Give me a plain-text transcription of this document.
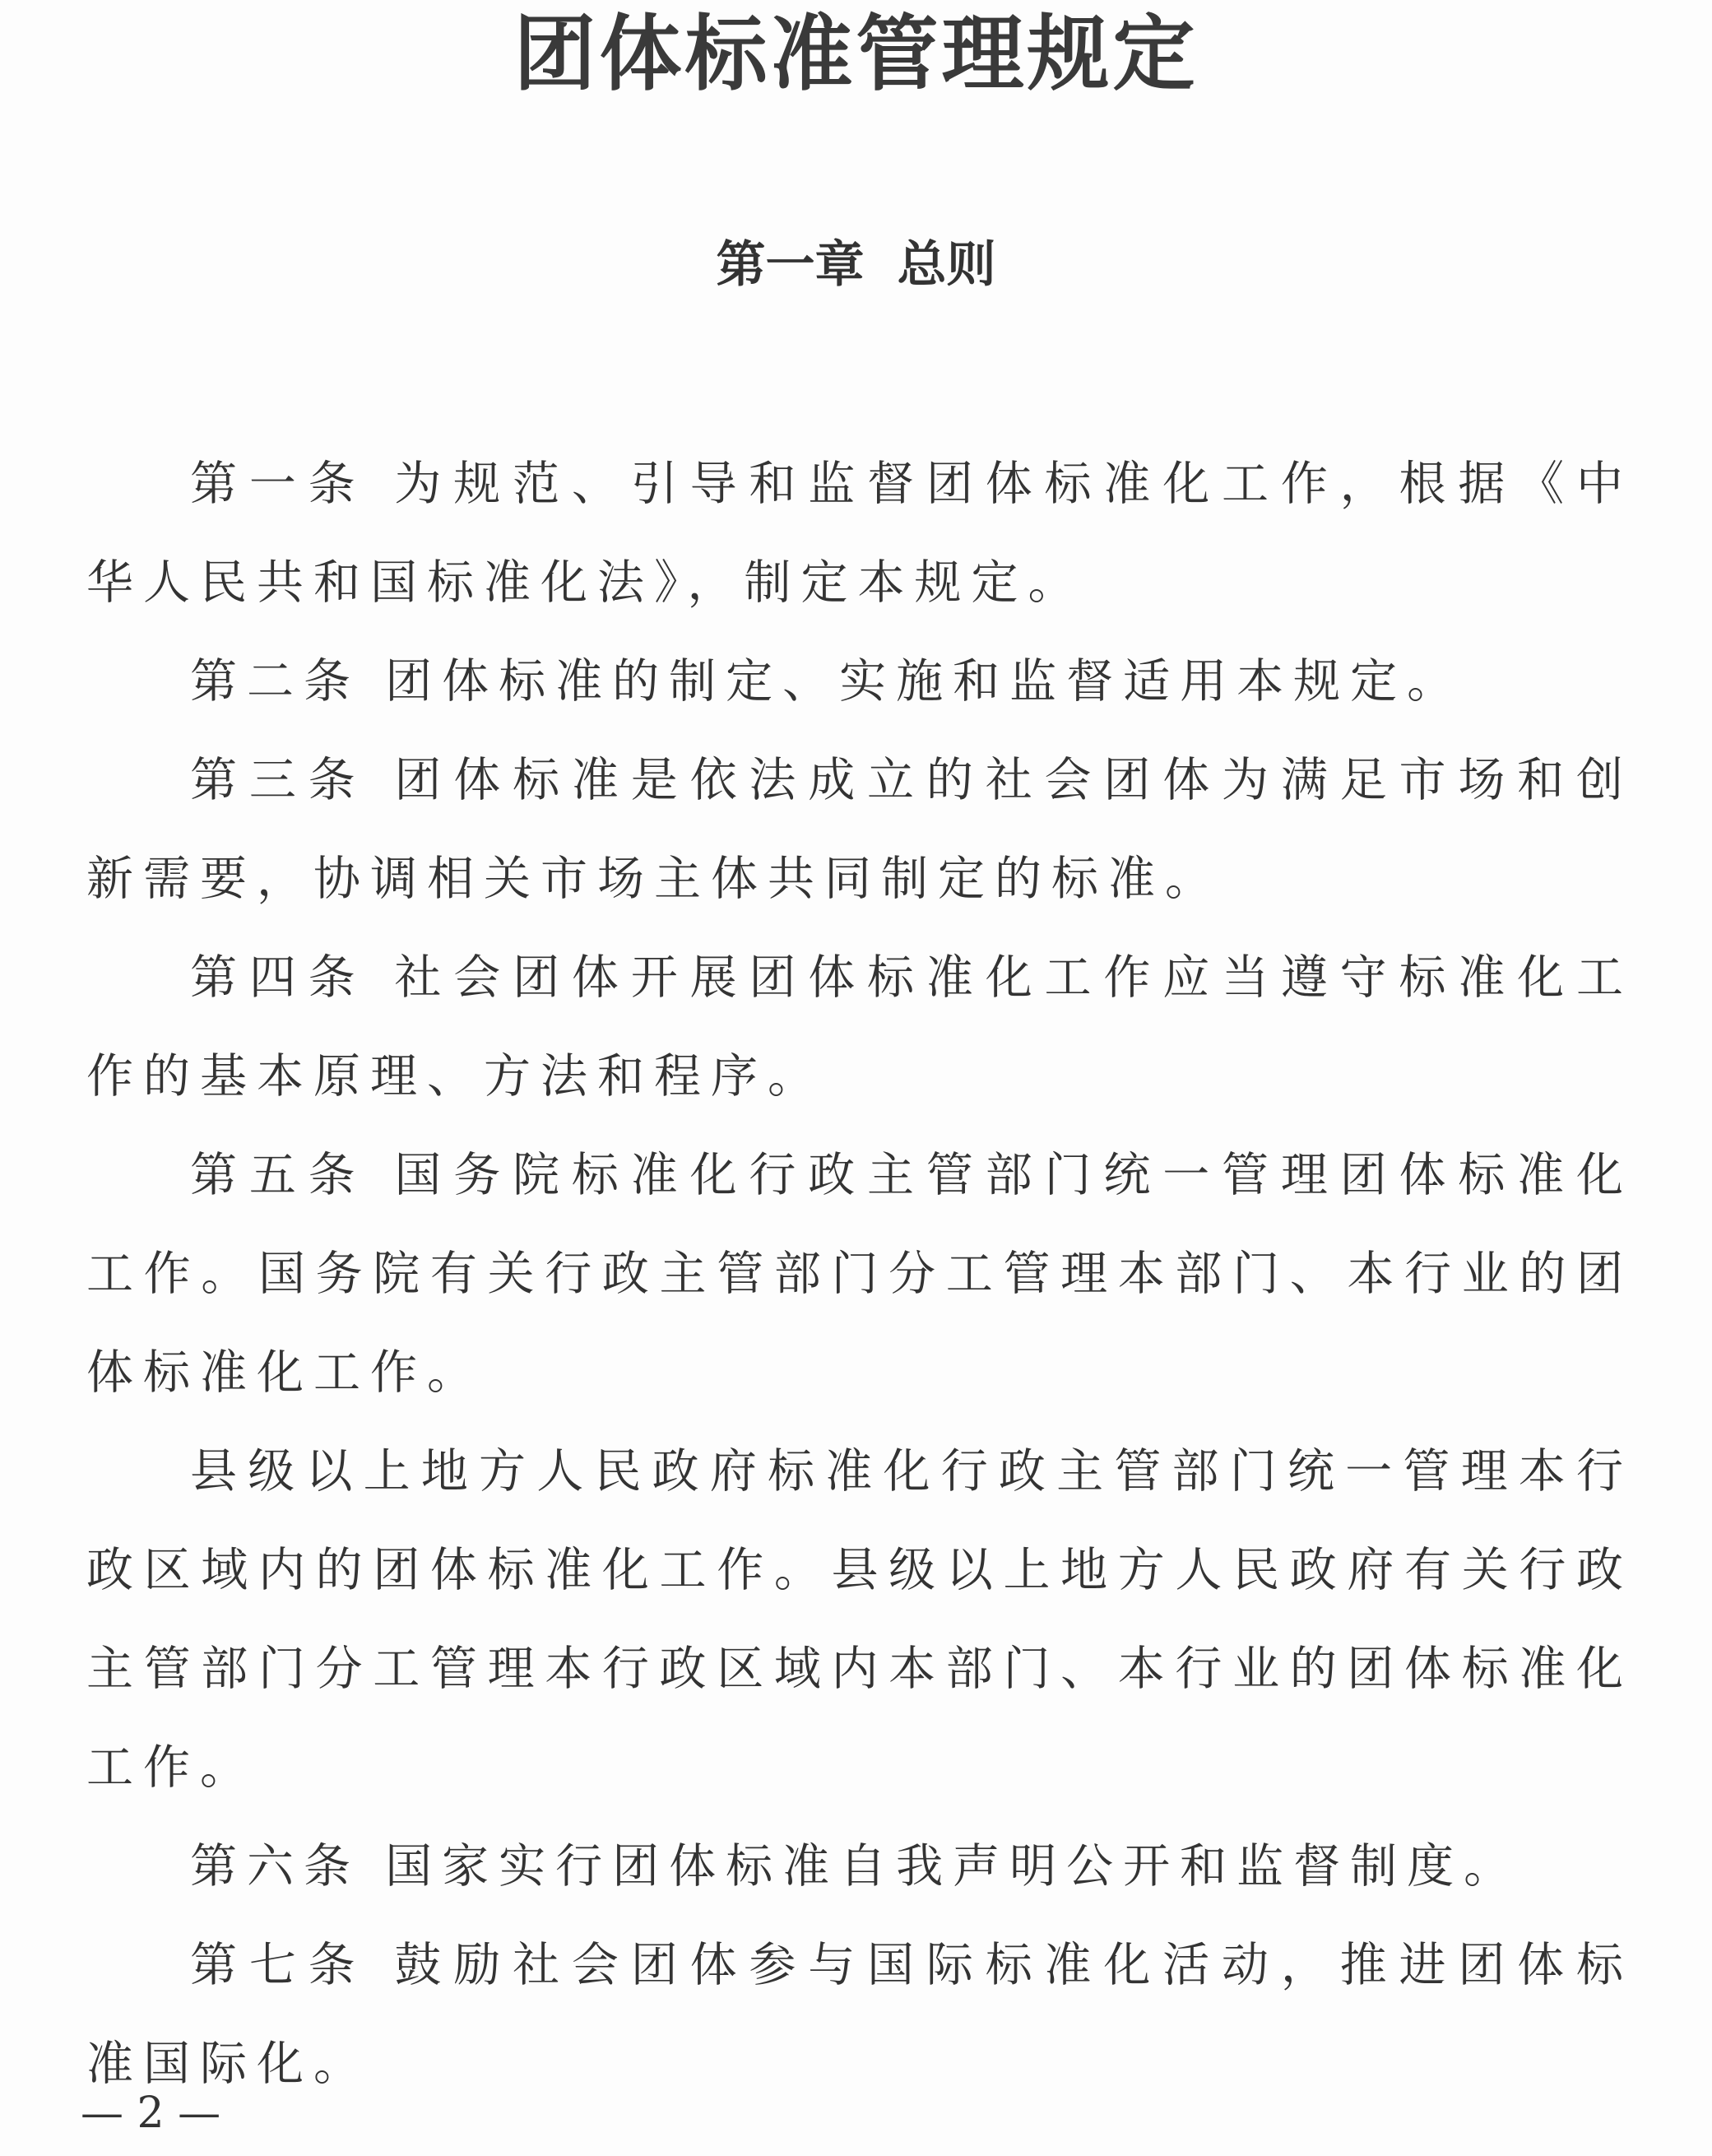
团体标准管理规定
第一章 总则

第一条 为规范、引导和监督团体标准化工作，根据《中华人民共和国标准化法》，制定本规定。

第二条 团体标准的制定、实施和监督适用本规定。

第三条 团体标准是依法成立的社会团体为满足市场和创新需要，协调相关市场主体共同制定的标准。

第四条 社会团体开展团体标准化工作应当遵守标准化工作的基本原理、方法和程序。

第五条 国务院标准化行政主管部门统一管理团体标准化工作。国务院有关行政主管部门分工管理本部门、本行业的团体标准化工作。

县级以上地方人民政府标准化行政主管部门统一管理本行政区域内的团体标准化工作。县级以上地方人民政府有关行政主管部门分工管理本行政区域内本部门、本行业的团体标准化工作。

第六条 国家实行团体标准自我声明公开和监督制度。

第七条 鼓励社会团体参与国际标准化活动，推进团体标准国际化。

— 2 —
